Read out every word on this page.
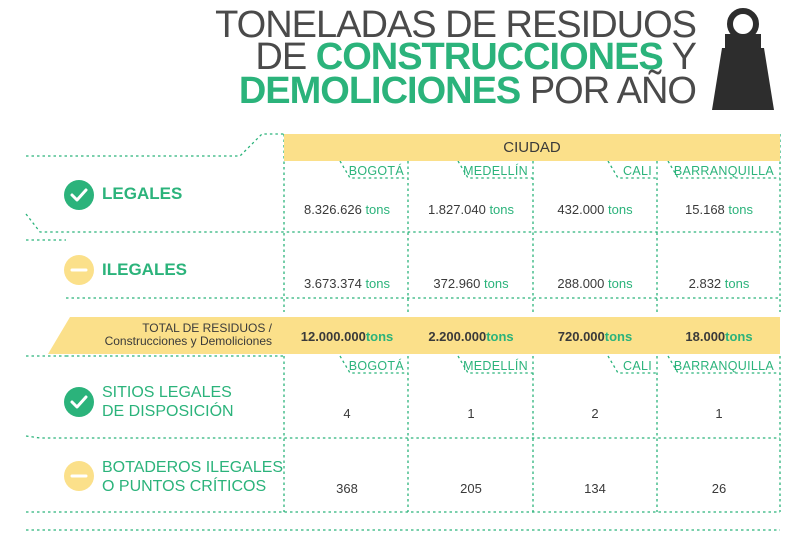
TONELADAS DE RESIDUOS
DE CONSTRUCCIONES Y
DEMOLICIONES POR AÑO
CIUDAD
BOGOTÁ	MEDELLÍN	CALI	BARRANQUILLA
LEGALES
8.326.626 tons	1.827.040 tons	432.000 tons	15.168 tons
ILEGALES
3.673.374 tons	372.960 tons	288.000 tons	2.832 tons
TOTAL DE RESIDUOS /
Construcciones y Demoliciones	12.000.000tons	2.200.000tons	720.000tons	18.000tons
BOGOTÁ	MEDELLÍN	CALI	BARRANQUILLA
SITIOS LEGALES
DE DISPOSICIÓN	4	1	2	1
BOTADEROS ILEGALES
O PUNTOS CRÍTICOS	368	205	134	26
